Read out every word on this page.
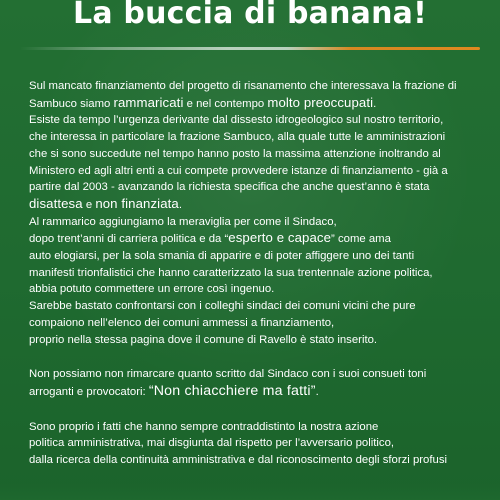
La buccia di banana!
Sul mancato finanziamento del progetto di risanamento che interessava la frazione di
Sambuco siamo rammaricati e nel contempo molto preoccupati.
Esiste da tempo l’urgenza derivante dal dissesto idrogeologico sul nostro territorio,
che interessa in particolare la frazione Sambuco, alla quale tutte le amministrazioni
che si sono succedute nel tempo hanno posto la massima attenzione inoltrando al
Ministero ed agli altri enti a cui compete provvedere istanze di finanziamento - già a
partire dal 2003 - avanzando la richiesta specifica che anche quest’anno è stata
disattesa e non finanziata.
Al rammarico aggiungiamo la meraviglia per come il Sindaco,
dopo trent’anni di carriera politica e da “esperto e capace” come ama
auto elogiarsi, per la sola smania di apparire e di poter affiggere uno dei tanti
manifesti trionfalistici che hanno caratterizzato la sua trentennale azione politica,
abbia potuto commettere un errore così ingenuo.
Sarebbe bastato confrontarsi con i colleghi sindaci dei comuni vicini che pure
compaiono nell’elenco dei comuni ammessi a finanziamento,
proprio nella stessa pagina dove il comune di Ravello è stato inserito.
Non possiamo non rimarcare quanto scritto dal Sindaco con i suoi consueti toni
arroganti e provocatori: “Non chiacchiere ma fatti”.
Sono proprio i fatti che hanno sempre contraddistinto la nostra azione
politica amministrativa, mai disgiunta dal rispetto per l’avversario politico,
dalla ricerca della continuità amministrativa e dal riconoscimento degli sforzi profusi
